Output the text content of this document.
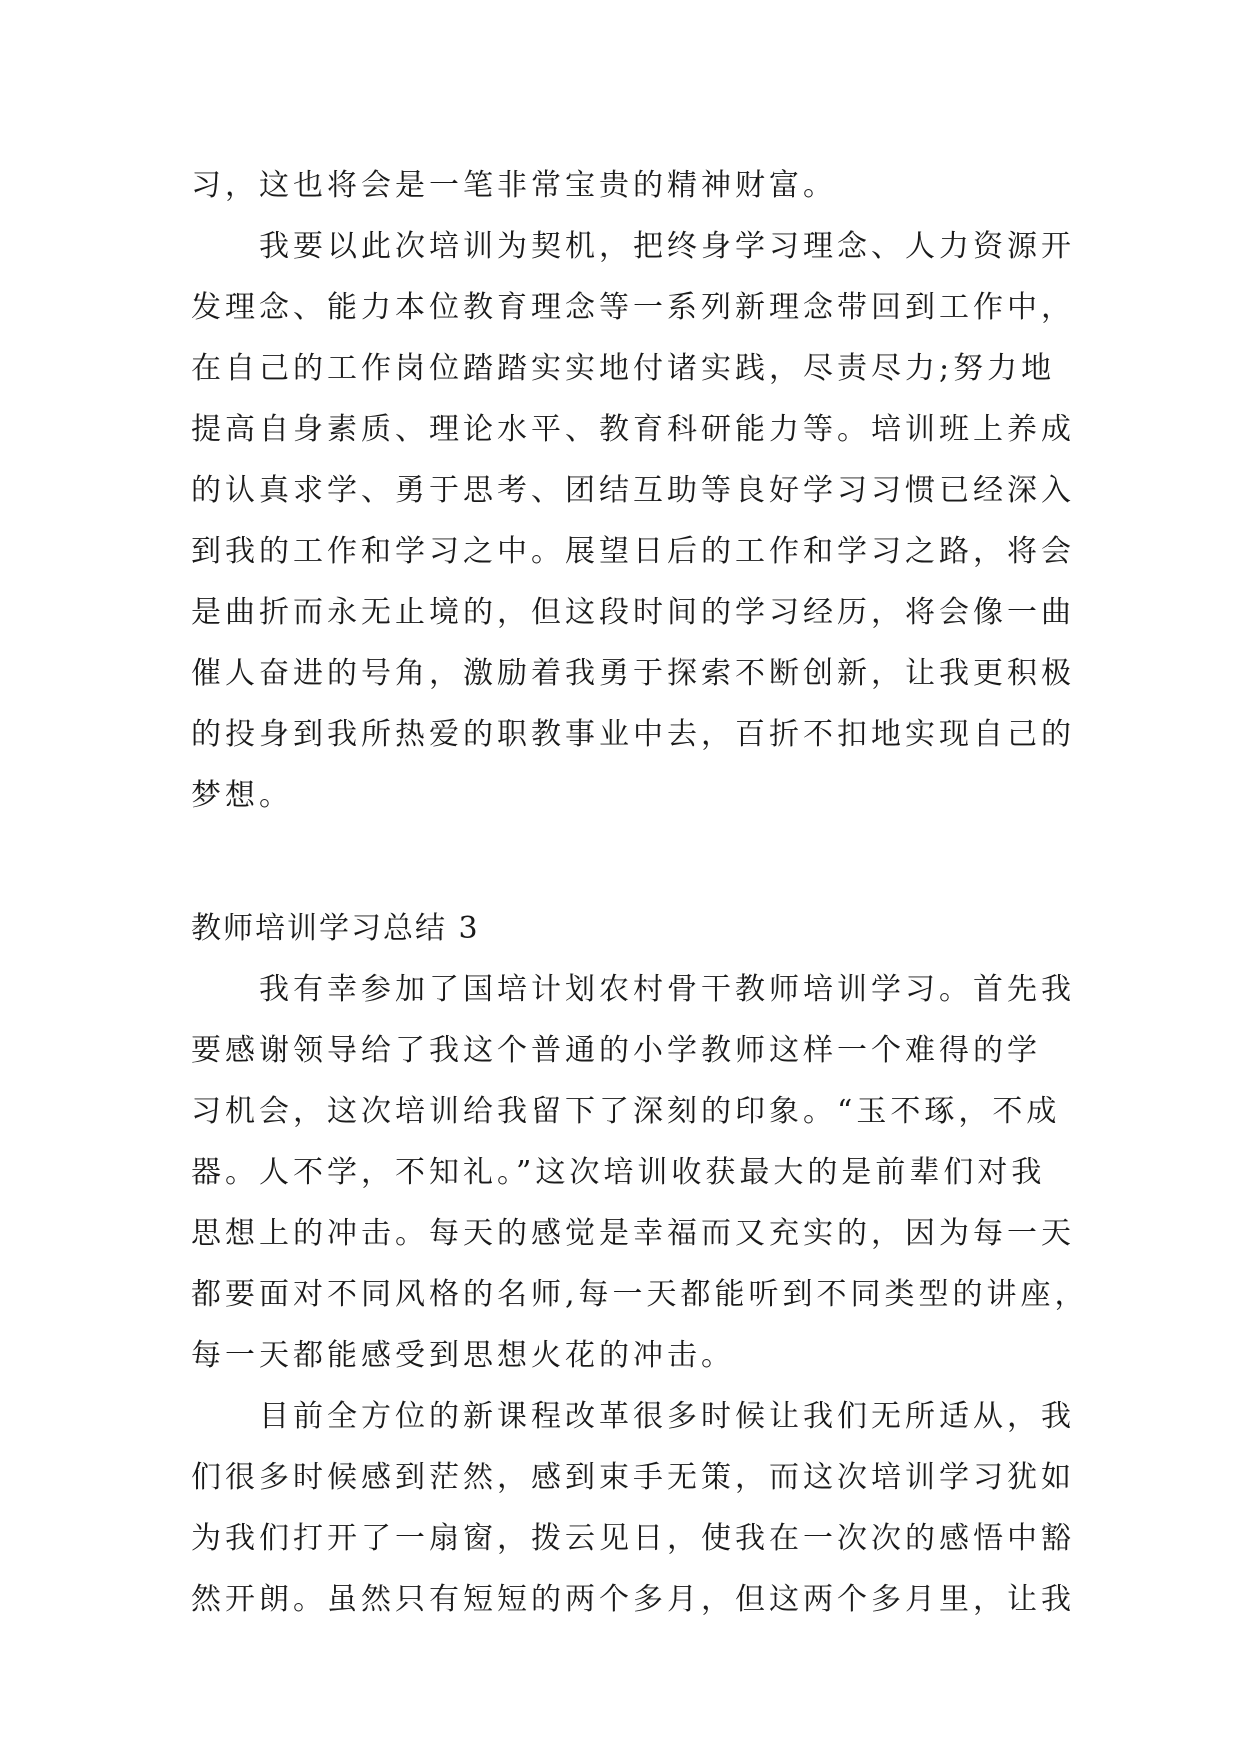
习，这也将会是一笔非常宝贵的精神财富。
　　我要以此次培训为契机，把终身学习理念、人力资源开
发理念、能力本位教育理念等一系列新理念带回到工作中，
在自己的工作岗位踏踏实实地付诸实践，尽责尽力;努力地
提高自身素质、理论水平、教育科研能力等。培训班上养成
的认真求学、勇于思考、团结互助等良好学习习惯已经深入
到我的工作和学习之中。展望日后的工作和学习之路，将会
是曲折而永无止境的，但这段时间的学习经历，将会像一曲
催人奋进的号角，激励着我勇于探索不断创新，让我更积极
的投身到我所热爱的职教事业中去，百折不扣地实现自己的
梦想。
教师培训学习总结 3
　　我有幸参加了国培计划农村骨干教师培训学习。首先我
要感谢领导给了我这个普通的小学教师这样一个难得的学
习机会，这次培训给我留下了深刻的印象。“玉不琢，不成
器。人不学，不知礼。”这次培训收获最大的是前辈们对我
思想上的冲击。每天的感觉是幸福而又充实的，因为每一天
都要面对不同风格的名师,每一天都能听到不同类型的讲座，
每一天都能感受到思想火花的冲击。
　　目前全方位的新课程改革很多时候让我们无所适从，我
们很多时候感到茫然，感到束手无策，而这次培训学习犹如
为我们打开了一扇窗，拨云见日，使我在一次次的感悟中豁
然开朗。虽然只有短短的两个多月，但这两个多月里，让我
